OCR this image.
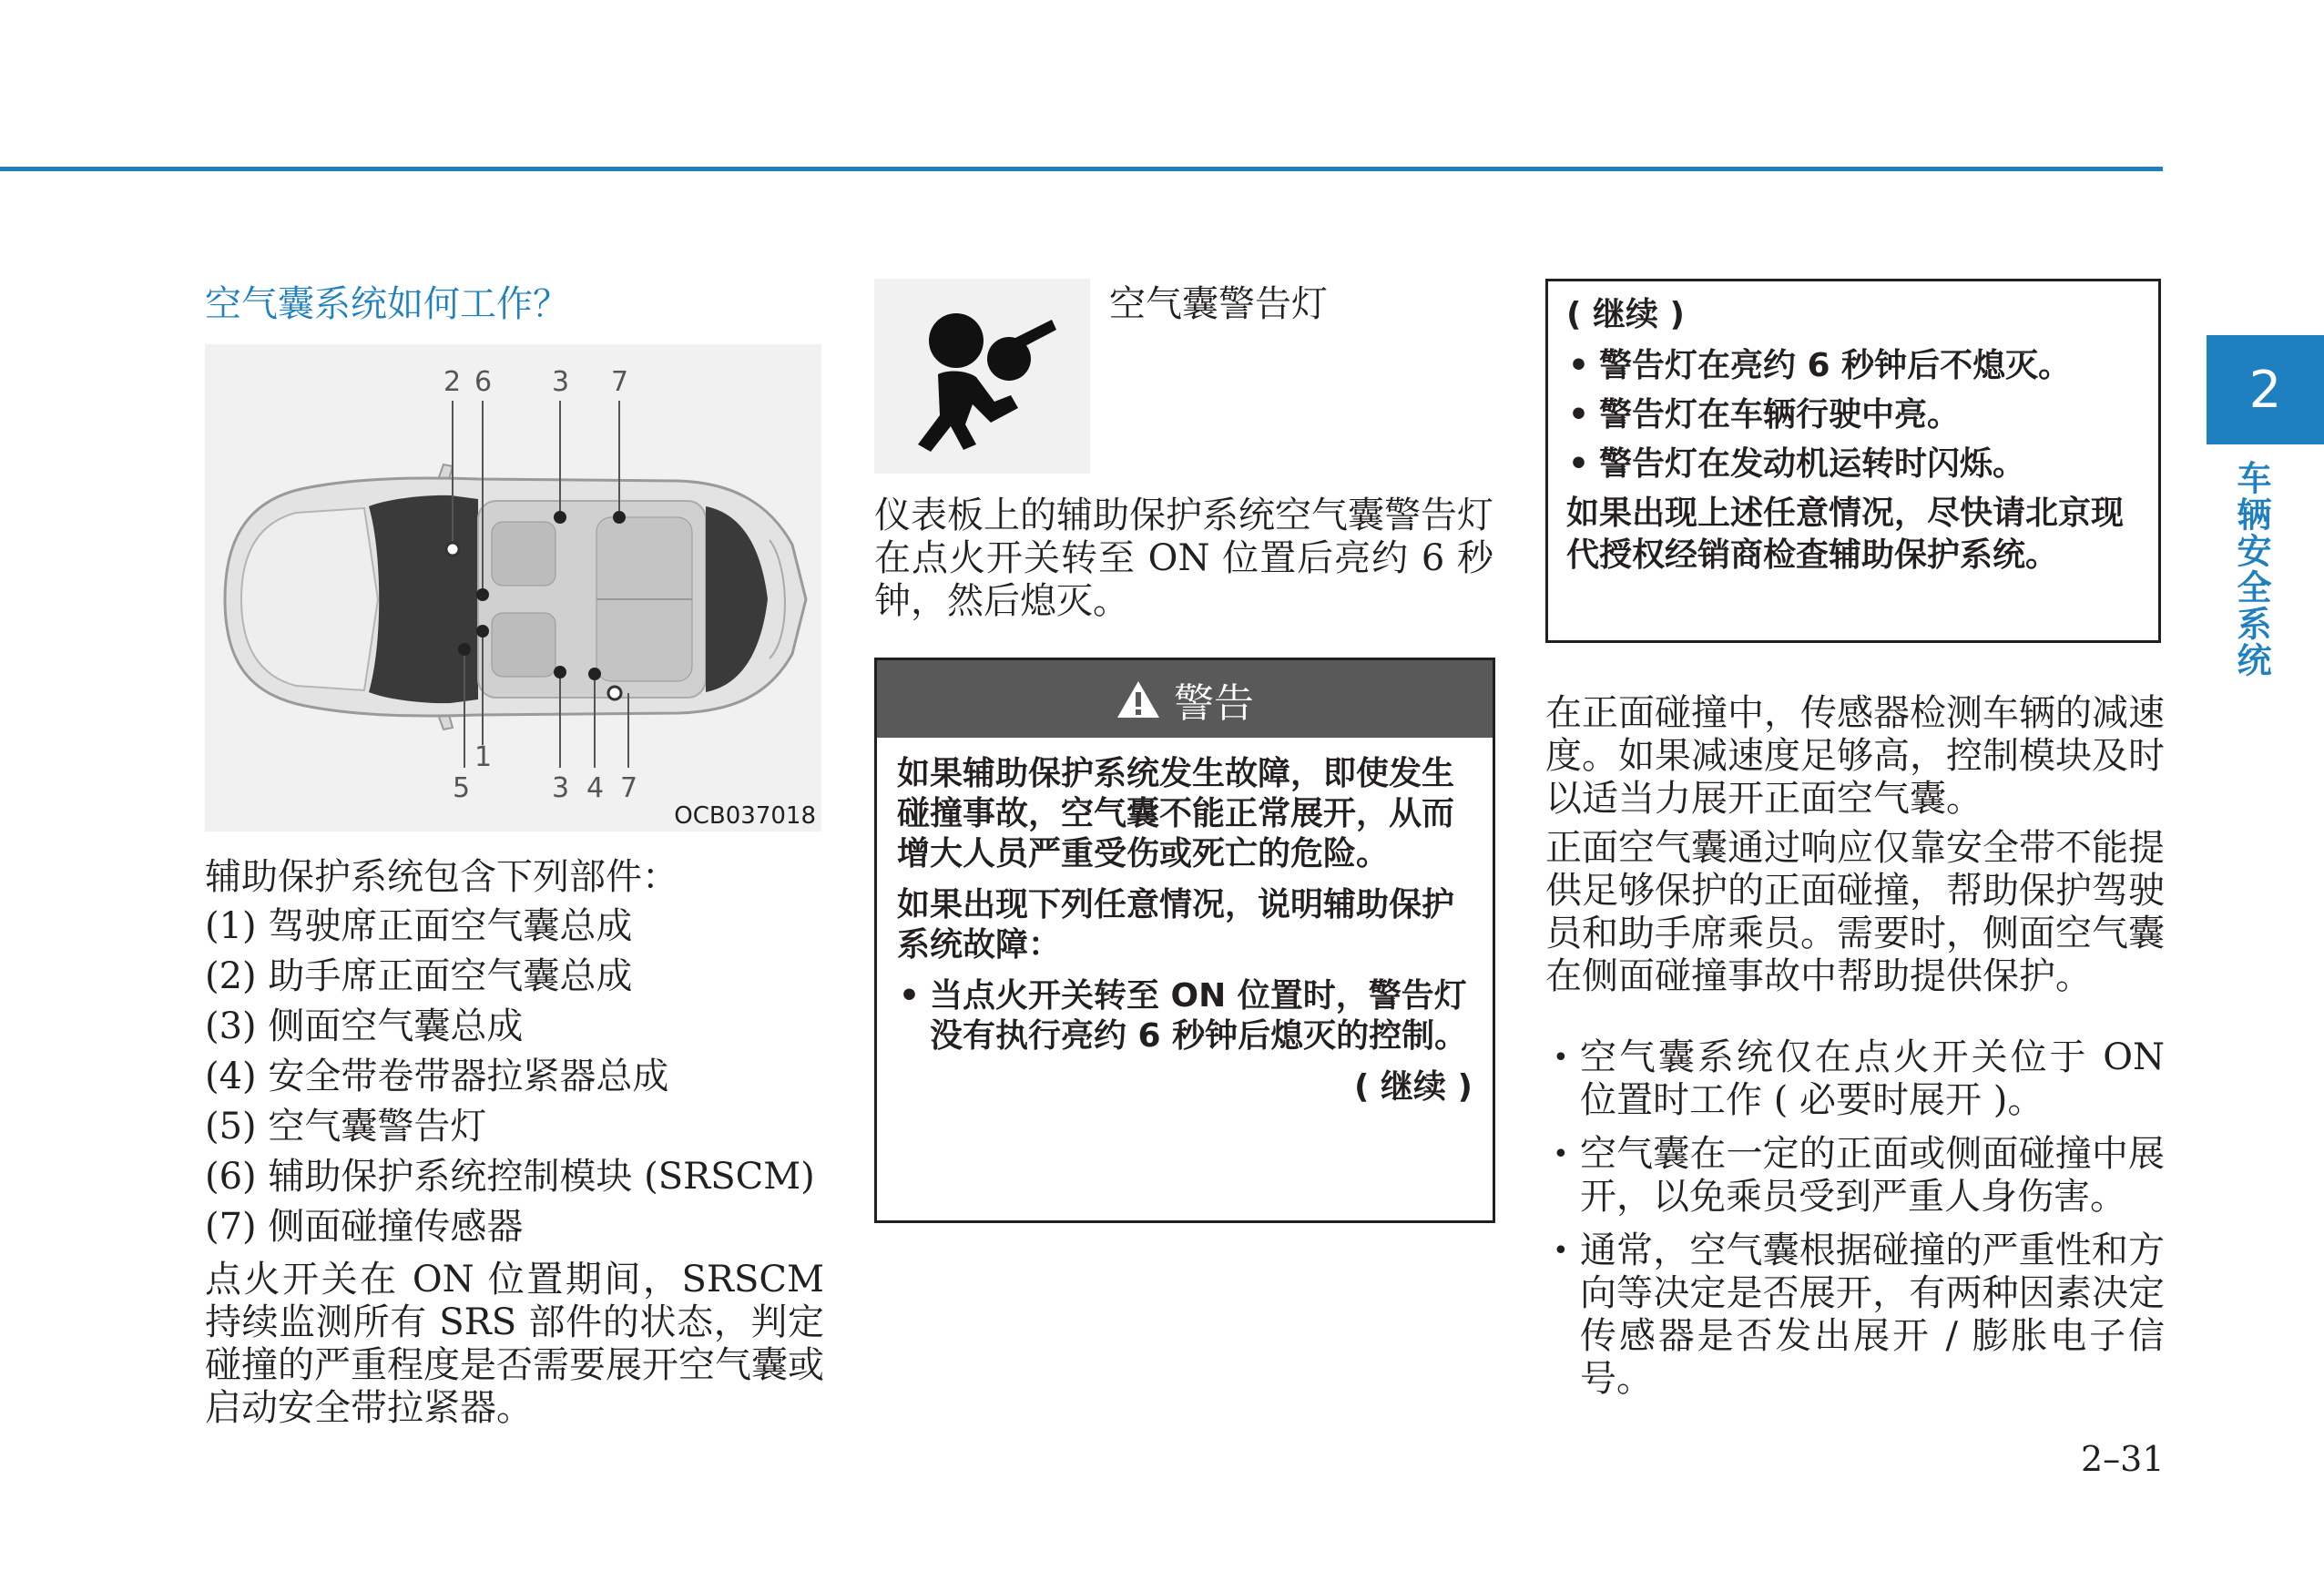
2
车辆安全系统
空气囊系统如何工作？
2 6 3 7
5
1
3 4 7
OCB037018
辅助保护系统包含下列部件：
(1) 驾驶席正面空气囊总成
(2) 助手席正面空气囊总成
(3) 侧面空气囊总成
(4) 安全带卷带器拉紧器总成
(5) 空气囊警告灯
(6) 辅助保护系统控制模块 (SRSCM)
(7) 侧面碰撞传感器
点火开关在 ON 位置期间，SRSCM 持续监测所有 SRS 部件的状态，判定碰撞的严重程度是否需要展开空气囊或启动安全带拉紧器。
空气囊警告灯
仪表板上的辅助保护系统空气囊警告灯在点火开关转至 ON 位置后亮约 6 秒钟，然后熄灭。
警告

如果辅助保护系统发生故障，即使发生碰撞事故，空气囊不能正常展开，从而增大人员严重受伤或死亡的危险。

如果出现下列任意情况，说明辅助保护系统故障：

• 当点火开关转至 ON 位置时，警告灯没有执行亮约 6 秒钟后熄灭的控制。

( 继续 )

( 继续 )

• 警告灯在亮约 6 秒钟后不熄灭。

• 警告灯在车辆行驶中亮。

• 警告灯在发动机运转时闪烁。

如果出现上述任意情况，尽快请北京现代授权经销商检查辅助保护系统。

在正面碰撞中，传感器检测车辆的减速度。如果减速度足够高，控制模块及时以适当力展开正面空气囊。
正面空气囊通过响应仅靠安全带不能提供足够保护的正面碰撞，帮助保护驾驶员和助手席乘员。需要时，侧面空气囊在侧面碰撞事故中帮助提供保护。
• 空气囊系统仅在点火开关位于 ON 位置时工作 ( 必要时展开 )。
• 空气囊在一定的正面或侧面碰撞中展开，以免乘员受到严重人身伤害。
• 通常，空气囊根据碰撞的严重性和方向等决定是否展开，有两种因素决定传感器是否发出展开 / 膨胀电子信号。
2–31
